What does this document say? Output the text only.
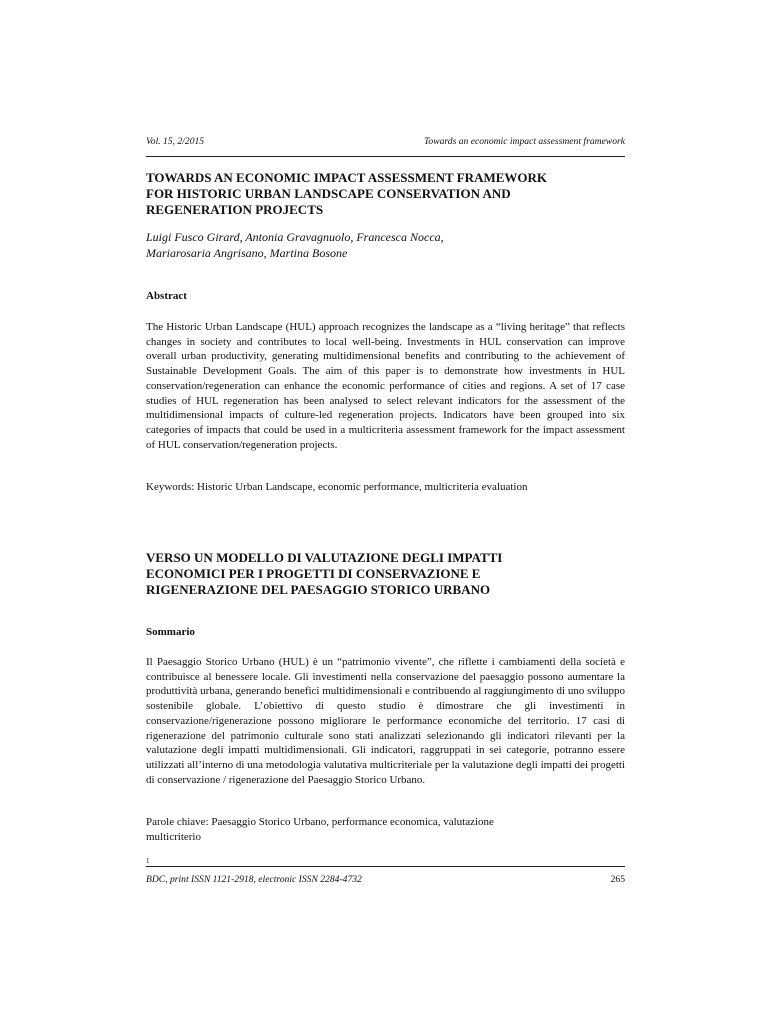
Vol. 15, 2/2015	Towards an economic impact assessment framework
TOWARDS AN ECONOMIC IMPACT ASSESSMENT FRAMEWORK
FOR HISTORIC URBAN LANDSCAPE CONSERVATION AND
REGENERATION PROJECTS

Luigi Fusco Girard, Antonia Gravagnuolo, Francesca Nocca,
Mariarosaria Angrisano, Martina Bosone

Abstract

The Historic Urban Landscape (HUL) approach recognizes the landscape as a “living heritage” that reflects changes in society and contributes to local well-being. Investments in HUL conservation can improve overall urban productivity, generating multidimensional benefits and contributing to the achievement of Sustainable Development Goals. The aim of this paper is to demonstrate how investments in HUL conservation/regeneration can enhance the economic performance of cities and regions. A set of 17 case studies of HUL regeneration has been analysed to select relevant indicators for the assessment of the multidimensional impacts of culture-led regeneration projects. Indicators have been grouped into six categories of impacts that could be used in a multicriteria assessment framework for the impact assessment of HUL conservation/regeneration projects.

Keywords: Historic Urban Landscape, economic performance, multicriteria evaluation

VERSO UN MODELLO DI VALUTAZIONE DEGLI IMPATTI
ECONOMICI PER I PROGETTI DI CONSERVAZIONE E
RIGENERAZIONE DEL PAESAGGIO STORICO URBANO
Sommario

Il Paesaggio Storico Urbano (HUL) è un “patrimonio vivente”, che riflette i cambiamenti della società e contribuisce al benessere locale. Gli investimenti nella conservazione del paesaggio possono aumentare la produttività urbana, generando benefici multidimensionali e contribuendo al raggiungimento di uno sviluppo sostenibile globale. L’obiettivo di questo studio è dimostrare che gli investimenti in conservazione/rigenerazione possono migliorare le performance economiche del territorio. 17 casi di rigenerazione del patrimonio culturale sono stati analizzati selezionando gli indicatori rilevanti per la valutazione degli impatti multidimensionali. Gli indicatori, raggruppati in sei categorie, potranno essere utilizzati all’interno di una metodologia valutativa multicriteriale per la valutazione degli impatti dei progetti di conservazione / rigenerazione del Paesaggio Storico Urbano.

Parole chiave: Paesaggio Storico Urbano, performance economica, valutazione
multicriterio

1
BDC, print ISSN 1121-2918, electronic ISSN 2284-4732	265
